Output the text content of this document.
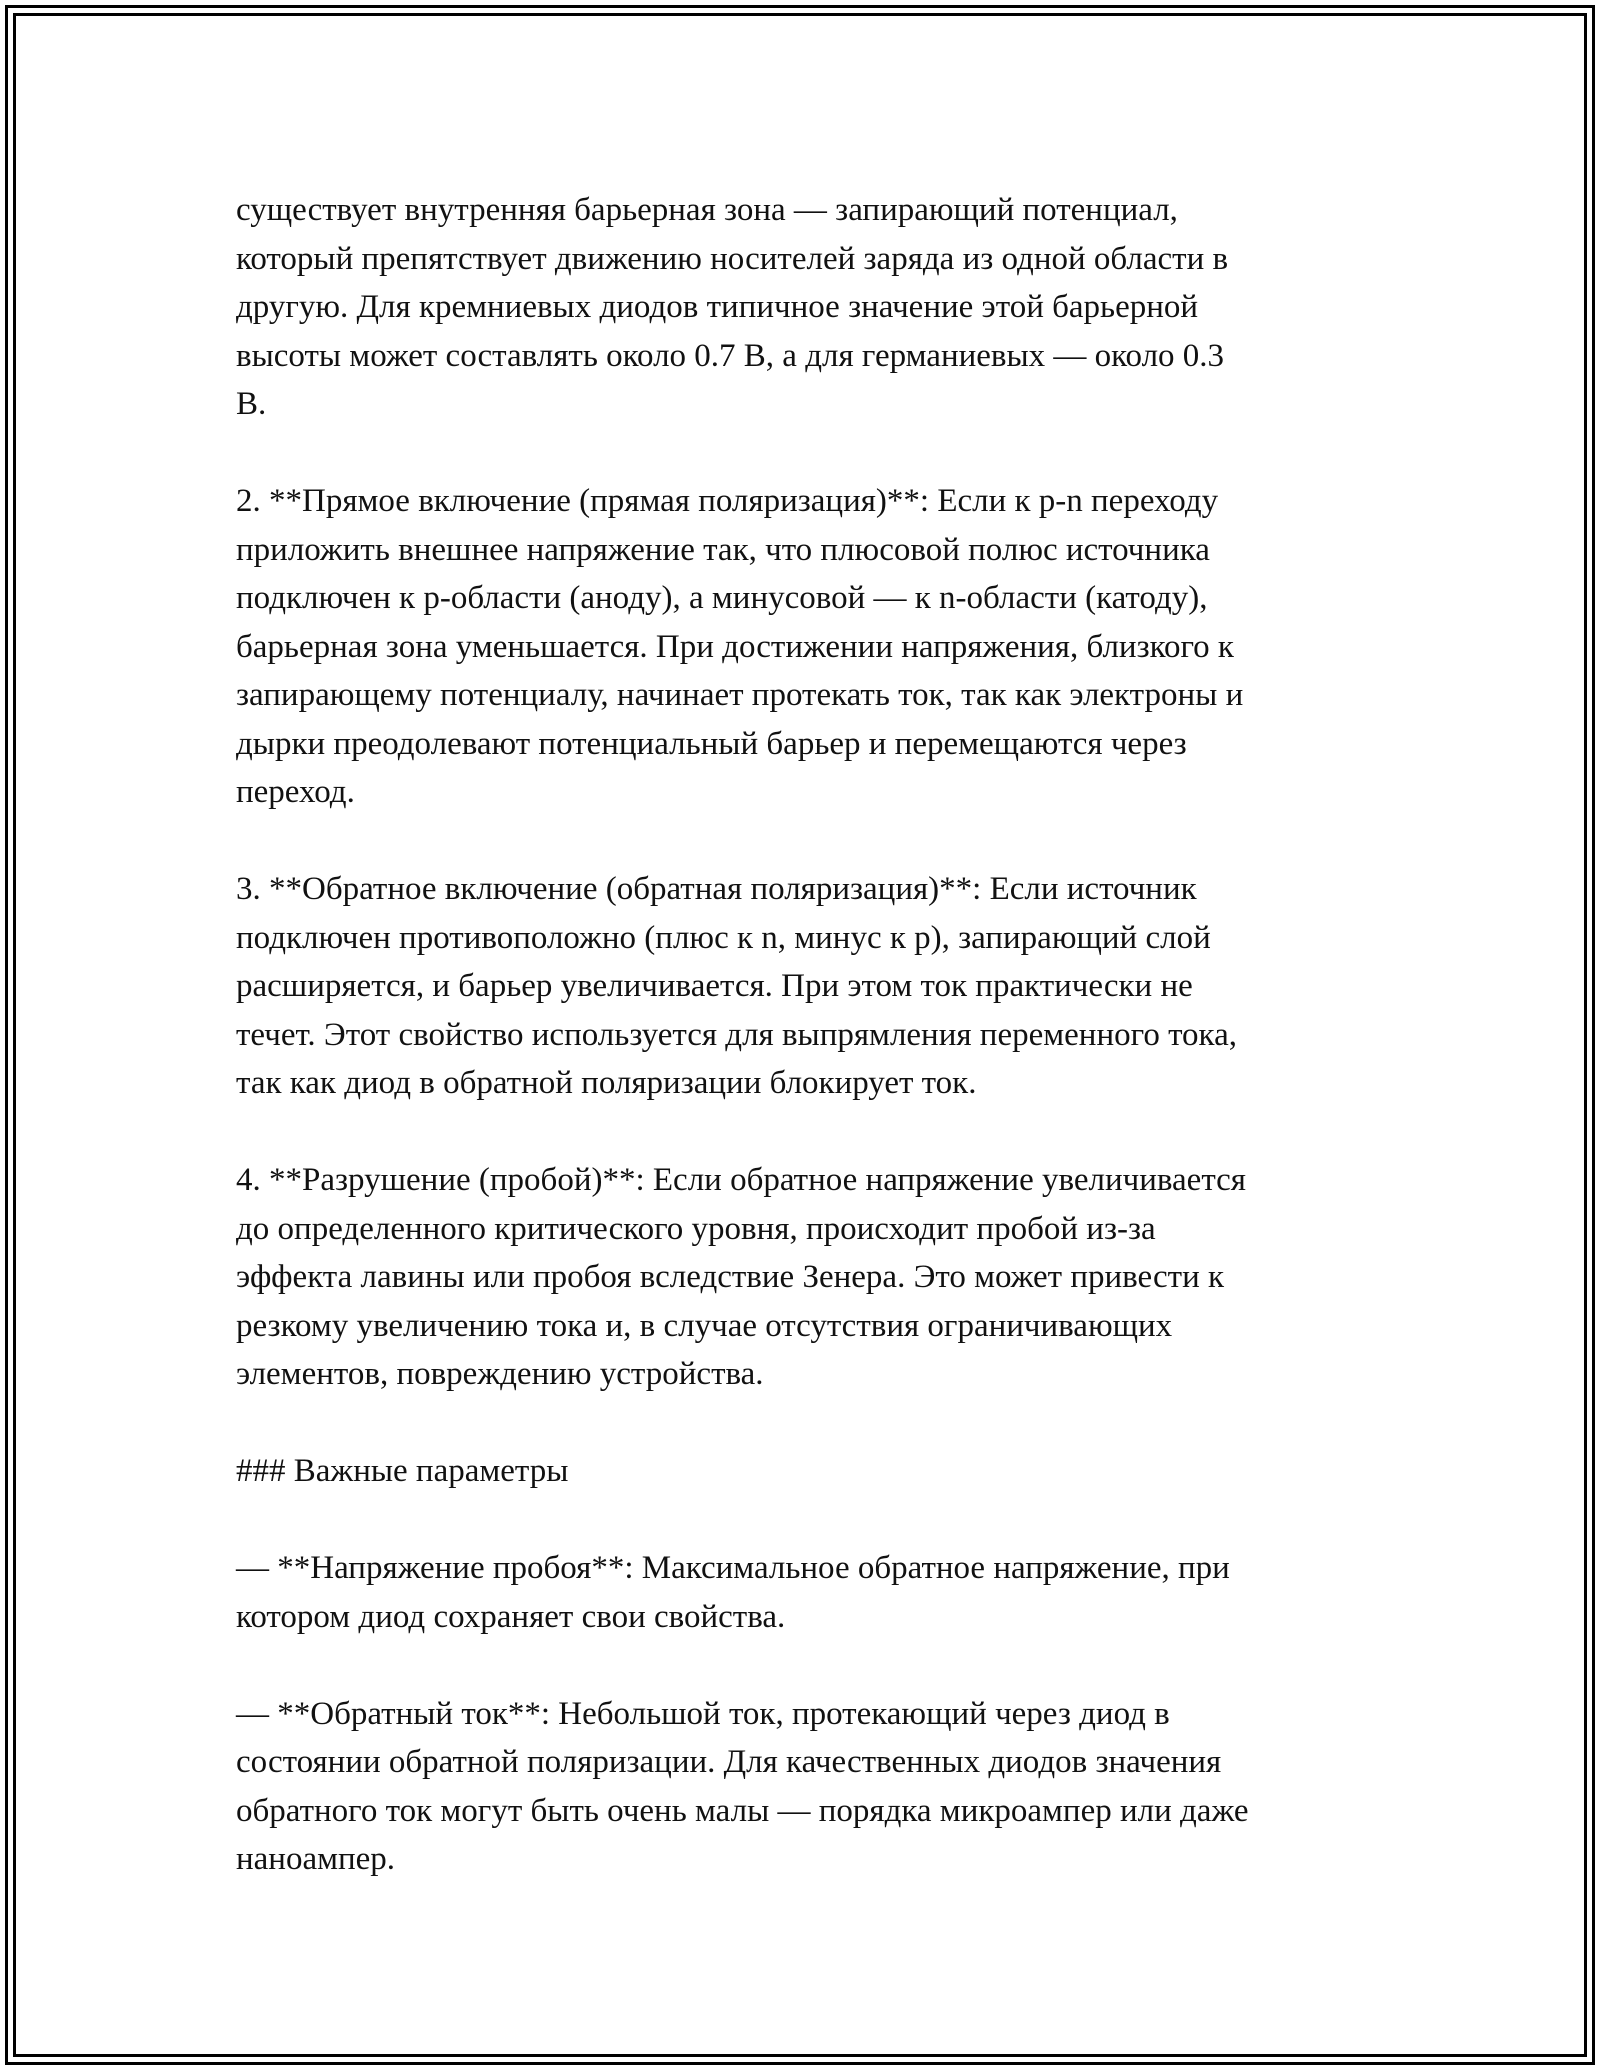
существует внутренняя барьерная зона — запирающий потенциал,
который препятствует движению носителей заряда из одной области в
другую. Для кремниевых диодов типичное значение этой барьерной
высоты может составлять около 0.7 В, а для германиевых — около 0.3
В.

2. **Прямое включение (прямая поляризация)**: Если к p-n переходу
приложить внешнее напряжение так, что плюсовой полюс источника
подключен к p-области (аноду), а минусовой — к n-области (катоду),
барьерная зона уменьшается. При достижении напряжения, близкого к
запирающему потенциалу, начинает протекать ток, так как электроны и
дырки преодолевают потенциальный барьер и перемещаются через
переход.

3. **Обратное включение (обратная поляризация)**: Если источник
подключен противоположно (плюс к n, минус к p), запирающий слой
расширяется, и барьер увеличивается. При этом ток практически не
течет. Этот свойство используется для выпрямления переменного тока,
так как диод в обратной поляризации блокирует ток.

4. **Разрушение (пробой)**: Если обратное напряжение увеличивается
до определенного критического уровня, происходит пробой из-за
эффекта лавины или пробоя вследствие Зенера. Это может привести к
резкому увеличению тока и, в случае отсутствия ограничивающих
элементов, повреждению устройства.

### Важные параметры

— **Напряжение пробоя**: Максимальное обратное напряжение, при
котором диод сохраняет свои свойства.

— **Обратный ток**: Небольшой ток, протекающий через диод в
состоянии обратной поляризации. Для качественных диодов значения
обратного ток могут быть очень малы — порядка микроампер или даже
наноампер.
